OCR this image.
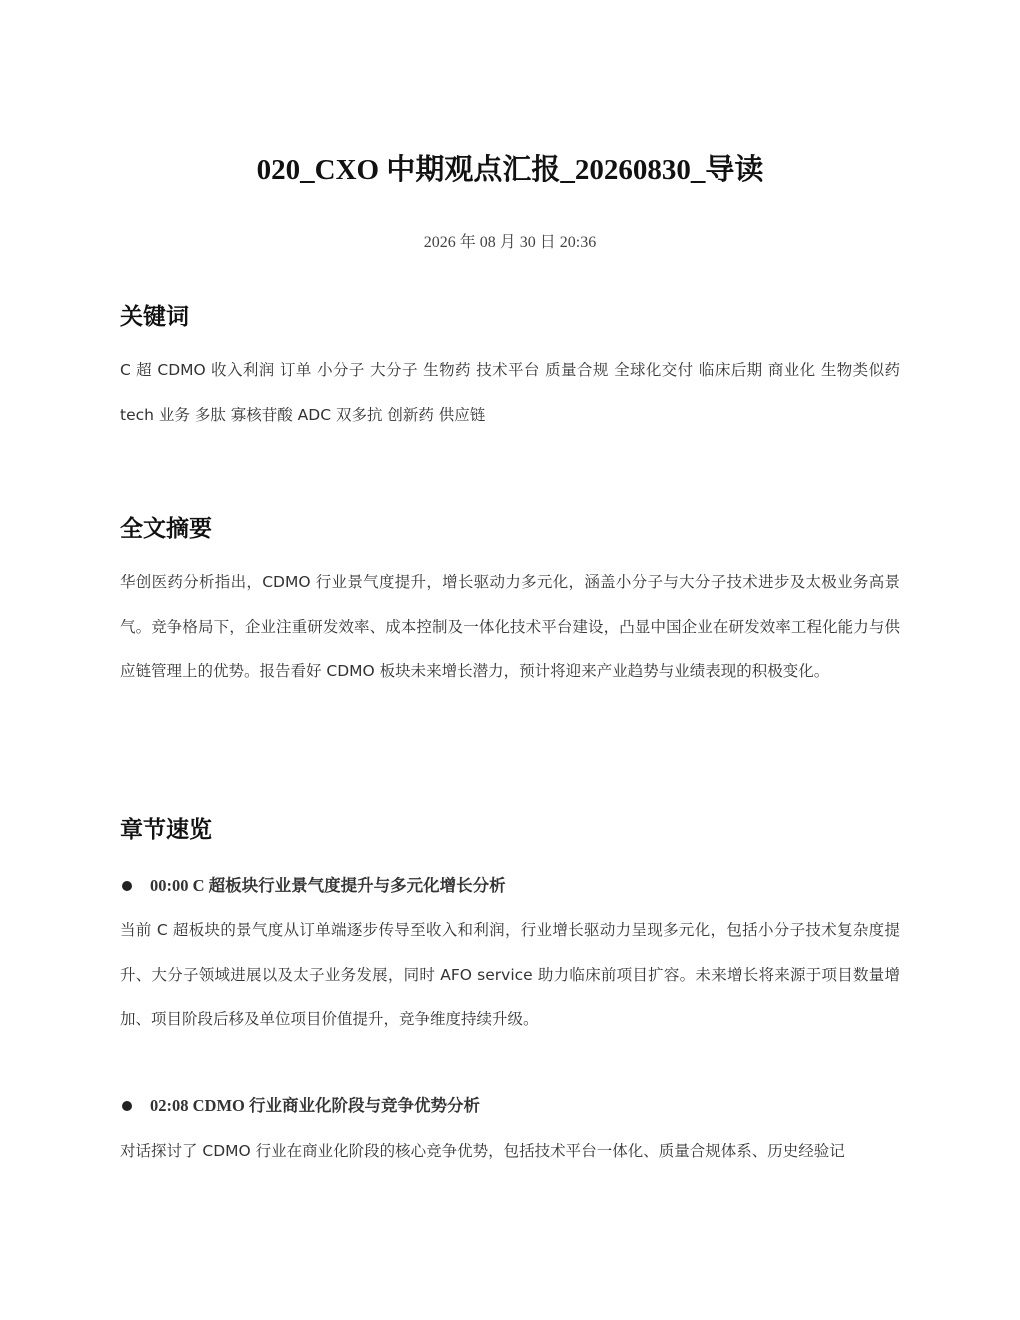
020_CXO 中期观点汇报_20260830_导读
2026 年 08 月 30 日 20:36
关键词
C 超 CDMO 收入利润 订单 小分子 大分子 生物药 技术平台 质量合规 全球化交付 临床后期 商业化 生物类似药 tech 业务 多肽 寡核苷酸 ADC 双多抗 创新药 供应链
全文摘要
华创医药分析指出，CDMO 行业景气度提升，增长驱动力多元化，涵盖小分子与大分子技术进步及太极业务高景气。竞争格局下，企业注重研发效率、成本控制及一体化技术平台建设，凸显中国企业在研发效率工程化能力与供应链管理上的优势。报告看好 CDMO 板块未来增长潜力，预计将迎来产业趋势与业绩表现的积极变化。
章节速览
00:00 C 超板块行业景气度提升与多元化增长分析
当前 C 超板块的景气度从订单端逐步传导至收入和利润，行业增长驱动力呈现多元化，包括小分子技术复杂度提升、大分子领域进展以及太子业务发展，同时 AFO service 助力临床前项目扩容。未来增长将来源于项目数量增加、项目阶段后移及单位项目价值提升，竞争维度持续升级。
02:08 CDMO 行业商业化阶段与竞争优势分析
对话探讨了 CDMO 行业在商业化阶段的核心竞争优势，包括技术平台一体化、质量合规体系、历史经验记
